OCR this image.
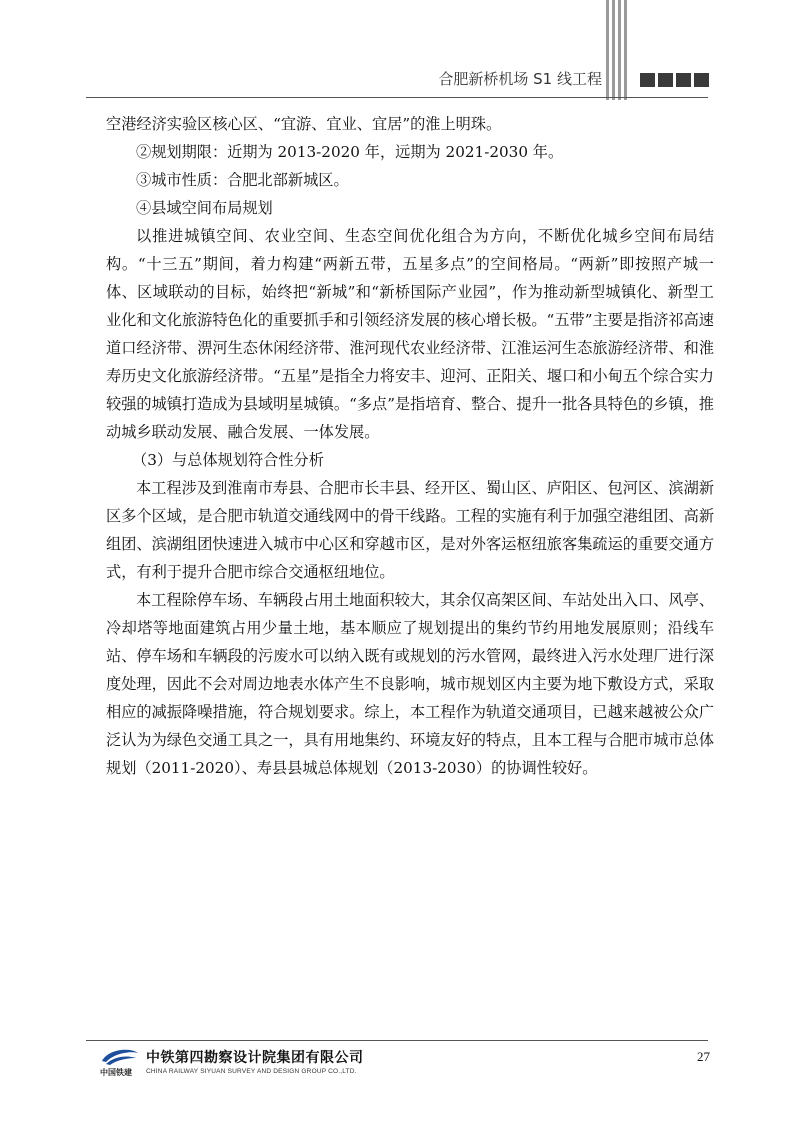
合肥新桥机场 S1 线工程

空港经济实验区核心区、“宜游、宜业、宜居”的淮上明珠。

②规划期限：近期为 2013-2020 年，远期为 2021-2030 年。

③城市性质：合肥北部新城区。

④县域空间布局规划

以推进城镇空间、农业空间、生态空间优化组合为方向，不断优化城乡空间布局结构。“十三五”期间，着力构建“两新五带，五星多点”的空间格局。“两新”即按照产城一体、区域联动的目标，始终把“新城”和“新桥国际产业园”，作为推动新型城镇化、新型工业化和文化旅游特色化的重要抓手和引领经济发展的核心增长极。“五带”主要是指济祁高速道口经济带、淠河生态休闲经济带、淮河现代农业经济带、江淮运河生态旅游经济带、和淮寿历史文化旅游经济带。“五星”是指全力将安丰、迎河、正阳关、堰口和小甸五个综合实力较强的城镇打造成为县域明星城镇。“多点”是指培育、整合、提升一批各具特色的乡镇，推动城乡联动发展、融合发展、一体发展。

（3）与总体规划符合性分析

本工程涉及到淮南市寿县、合肥市长丰县、经开区、蜀山区、庐阳区、包河区、滨湖新区多个区域，是合肥市轨道交通线网中的骨干线路。工程的实施有利于加强空港组团、高新组团、滨湖组团快速进入城市中心区和穿越市区，是对外客运枢纽旅客集疏运的重要交通方式，有利于提升合肥市综合交通枢纽地位。

本工程除停车场、车辆段占用土地面积较大，其余仅高架区间、车站处出入口、风亭、冷却塔等地面建筑占用少量土地，基本顺应了规划提出的集约节约用地发展原则；沿线车站、停车场和车辆段的污废水可以纳入既有或规划的污水管网，最终进入污水处理厂进行深度处理，因此不会对周边地表水体产生不良影响，城市规划区内主要为地下敷设方式，采取相应的减振降噪措施，符合规划要求。综上，本工程作为轨道交通项目，已越来越被公众广泛认为为绿色交通工具之一，具有用地集约、环境友好的特点，且本工程与合肥市城市总体规划（2011-2020）、寿县县城总体规划（2013-2030）的协调性较好。

中国铁建
中铁第四勘察设计院集团有限公司
CHINA RAILWAY SIYUAN SURVEY AND DESIGN GROUP CO.,LTD.
27
